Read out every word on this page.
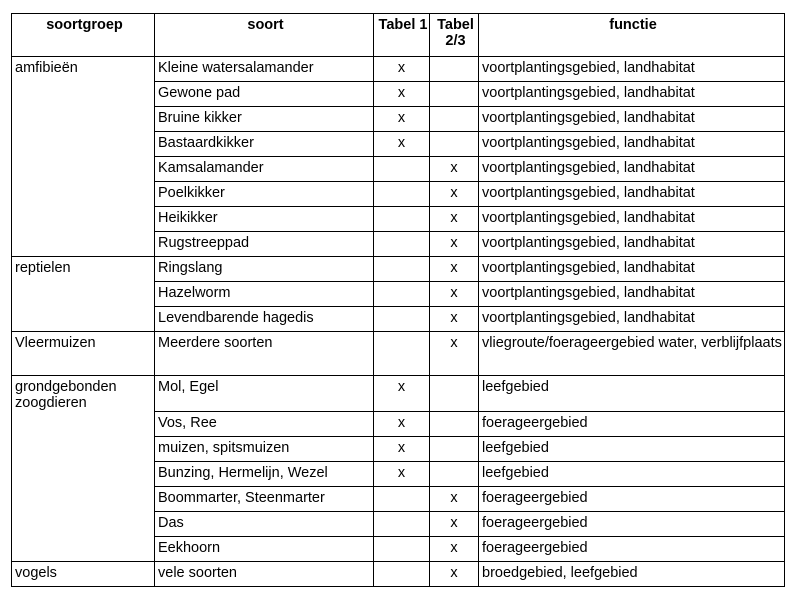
soortgroep	soort	Tabel 1	Tabel 2/3	functie
amfibieën	Kleine watersalamander	x		voortplantingsgebied, landhabitat
	Gewone pad	x		voortplantingsgebied, landhabitat
	Bruine kikker	x		voortplantingsgebied, landhabitat
	Bastaardkikker	x		voortplantingsgebied, landhabitat
	Kamsalamander		x	voortplantingsgebied, landhabitat
	Poelkikker		x	voortplantingsgebied, landhabitat
	Heikikker		x	voortplantingsgebied, landhabitat
	Rugstreeppad		x	voortplantingsgebied, landhabitat
reptielen	Ringslang		x	voortplantingsgebied, landhabitat
	Hazelworm		x	voortplantingsgebied, landhabitat
	Levendbarende hagedis		x	voortplantingsgebied, landhabitat
Vleermuizen	Meerdere soorten		x	vliegroute/foerageergebied water, verblijfplaats
grondgebonden zoogdieren	Mol, Egel	x		leefgebied
	Vos, Ree	x		foerageergebied
	muizen, spitsmuizen	x		leefgebied
	Bunzing, Hermelijn, Wezel	x		leefgebied
	Boommarter, Steenmarter		x	foerageergebied
	Das		x	foerageergebied
	Eekhoorn		x	foerageergebied
vogels	vele soorten		x	broedgebied, leefgebied
